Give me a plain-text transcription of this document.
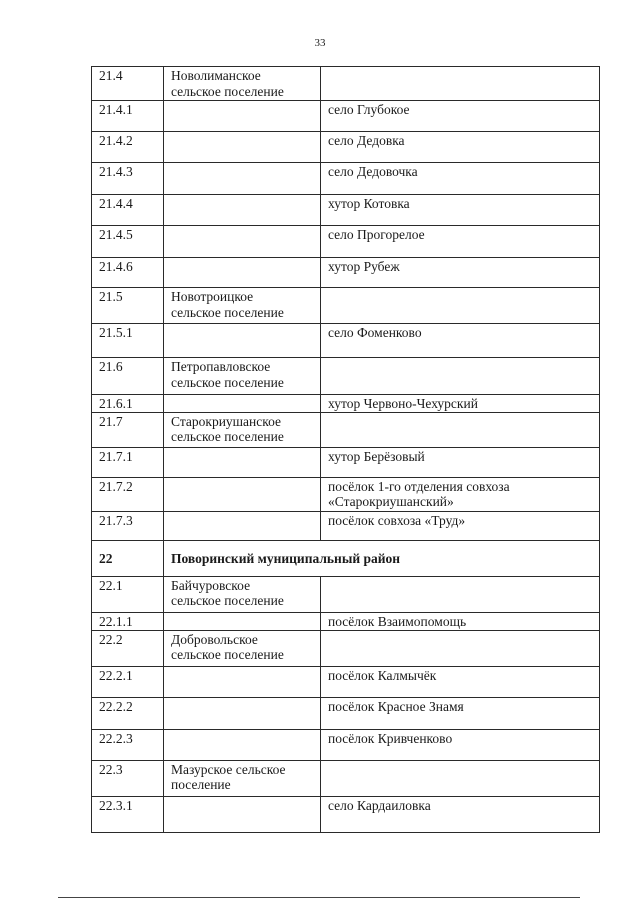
33
21.4	Новолиманское
сельское поселение	
21.4.1		село Глубокое
21.4.2		село Дедовка
21.4.3		село Дедовочка
21.4.4		хутор Котовка
21.4.5		село Прогорелое
21.4.6		хутор Рубеж
21.5	Новотроицкое
сельское поселение	
21.5.1		село Фоменково
21.6	Петропавловское
сельское поселение	
21.6.1		хутор Червоно-Чехурский
21.7	Старокриушанское
сельское поселение	
21.7.1		хутор Берёзовый
21.7.2		посёлок 1-го отделения совхоза
«Старокриушанский»
21.7.3		посёлок совхоза «Труд»
22	Поворинский муниципальный район	
22.1	Байчуровское
сельское поселение	
22.1.1		посёлок Взаимопомощь
22.2	Добровольское
сельское поселение	
22.2.1		посёлок Калмычёк
22.2.2		посёлок Красное Знамя
22.2.3		посёлок Кривченково
22.3	Мазурское сельское
поселение	
22.3.1		село Кардаиловка
